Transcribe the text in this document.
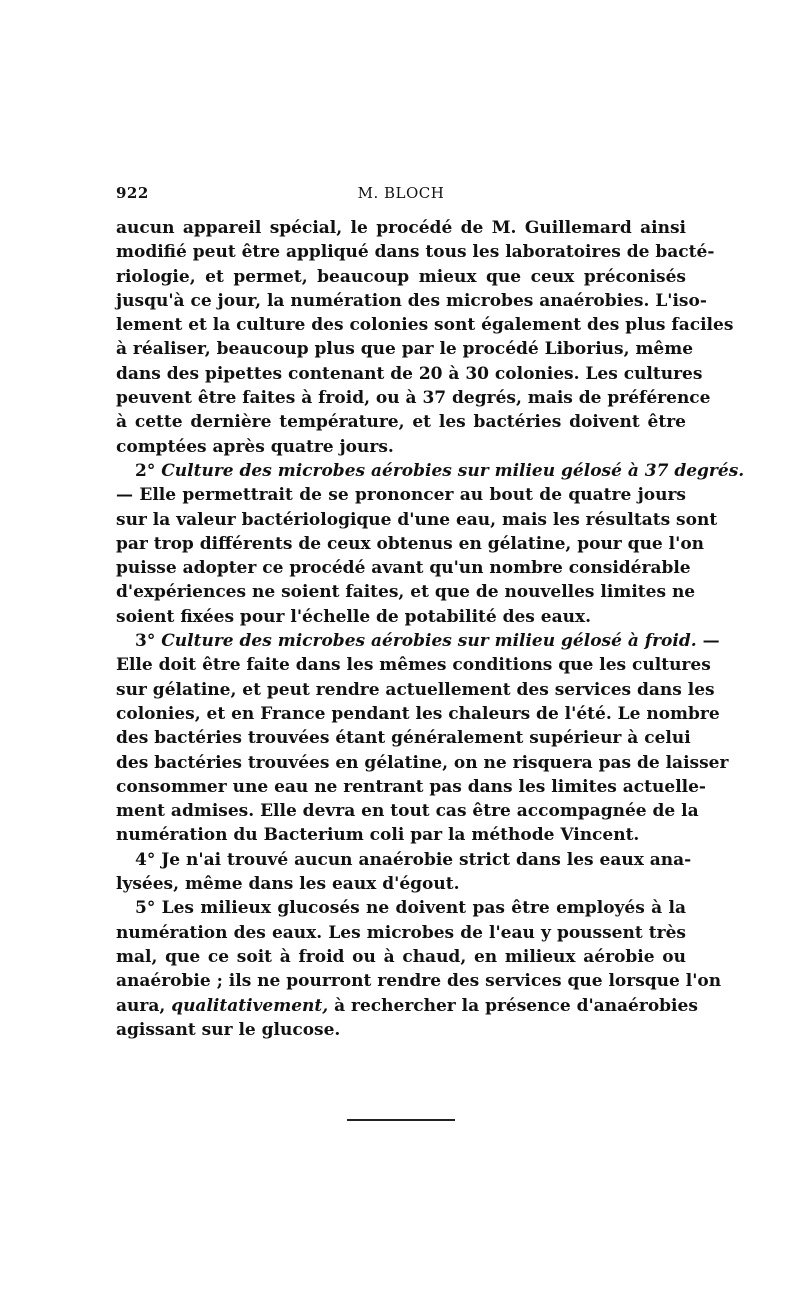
922	M. BLOCH
aucun appareil spécial, le procédé de M. Guillemard ainsi
modifié peut être appliqué dans tous les laboratoires de bacté-
riologie, et permet, beaucoup mieux que ceux préconisés
jusqu'à ce jour, la numération des microbes anaérobies. L'iso-
lement et la culture des colonies sont également des plus faciles
à réaliser, beaucoup plus que par le procédé Liborius, même
dans des pipettes contenant de 20 à 30 colonies. Les cultures
peuvent être faites à froid, ou à 37 degrés, mais de préférence
à cette dernière température, et les bactéries doivent être
comptées après quatre jours.
2° Culture des microbes aérobies sur milieu gélosé à 37 degrés.
— Elle permettrait de se prononcer au bout de quatre jours
sur la valeur bactériologique d'une eau, mais les résultats sont
par trop différents de ceux obtenus en gélatine, pour que l'on
puisse adopter ce procédé avant qu'un nombre considérable
d'expériences ne soient faites, et que de nouvelles limites ne
soient fixées pour l'échelle de potabilité des eaux.
3° Culture des microbes aérobies sur milieu gélosé à froid. —
Elle doit être faite dans les mêmes conditions que les cultures
sur gélatine, et peut rendre actuellement des services dans les
colonies, et en France pendant les chaleurs de l'été. Le nombre
des bactéries trouvées étant généralement supérieur à celui
des bactéries trouvées en gélatine, on ne risquera pas de laisser
consommer une eau ne rentrant pas dans les limites actuelle-
ment admises. Elle devra en tout cas être accompagnée de la
numération du Bacterium coli par la méthode Vincent.
4° Je n'ai trouvé aucun anaérobie strict dans les eaux ana-
lysées, même dans les eaux d'égout.
5° Les milieux glucosés ne doivent pas être employés à la
numération des eaux. Les microbes de l'eau y poussent très
mal, que ce soit à froid ou à chaud, en milieux aérobie ou
anaérobie ; ils ne pourront rendre des services que lorsque l'on
aura, qualitativement, à rechercher la présence d'anaérobies
agissant sur le glucose.
